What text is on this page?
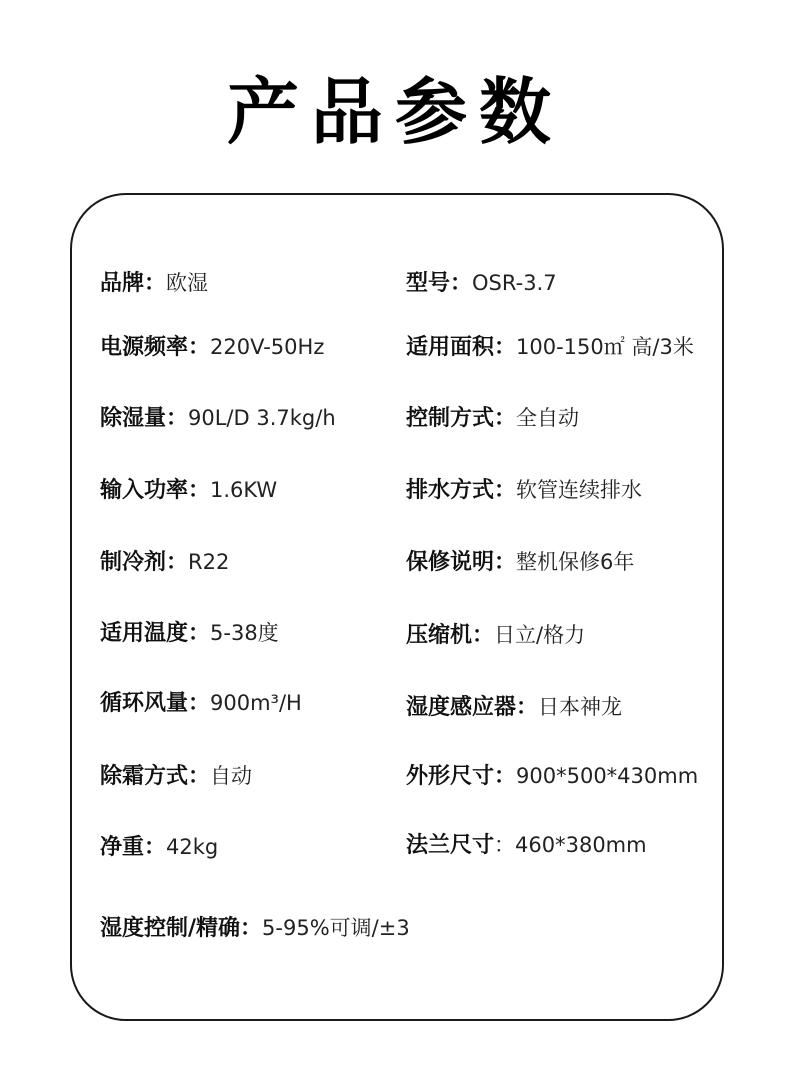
产品参数
品牌：欧湿	型号：OSR-3.7
电源频率：220V-50Hz	适用面积：100-150㎡ 高/3米
除湿量：90L/D 3.7kg/h	控制方式：全自动
输入功率：1.6KW	排水方式：软管连续排水
制冷剂：R22	保修说明：整机保修6年
适用温度：5-38度	压缩机：日立/格力
循环风量：900m³/H	湿度感应器：日本神龙
除霜方式：自动	外形尺寸：900*500*430mm
净重：42kg	法兰尺寸：460*380mm
湿度控制/精确：5-95%可调/±3
